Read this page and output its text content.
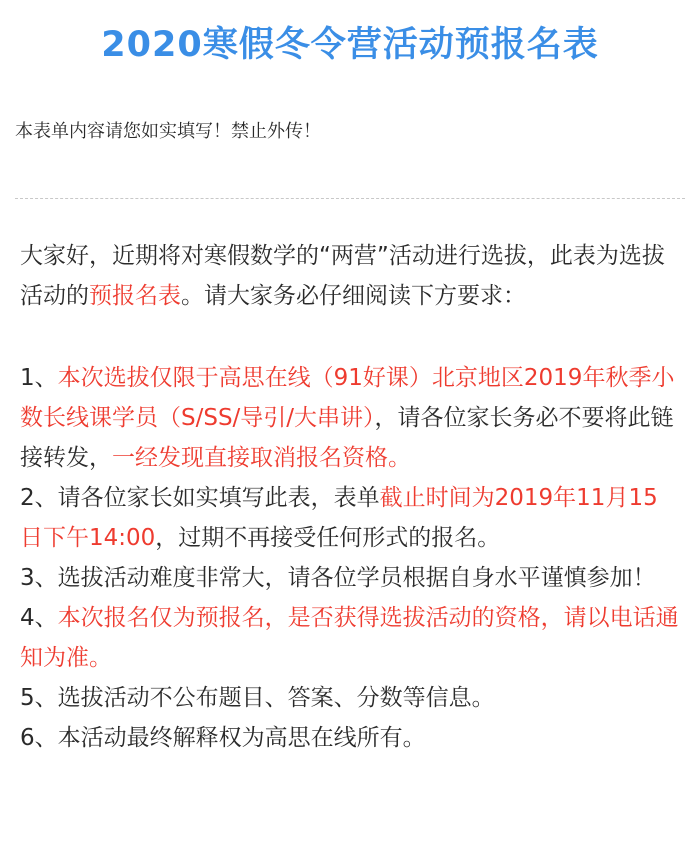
2020寒假冬令营活动预报名表
本表单内容请您如实填写！禁止外传！

大家好，近期将对寒假数学的“两营”活动进行选拔，此表为选拔活动的预报名表。请大家务必仔细阅读下方要求：

1、本次选拔仅限于高思在线（91好课）北京地区2019年秋季小数长线课学员（S/SS/导引/大串讲），请各位家长务必不要将此链接转发，一经发现直接取消报名资格。

2、请各位家长如实填写此表，表单截止时间为2019年11月15日下午14:00，过期不再接受任何形式的报名。

3、选拔活动难度非常大，请各位学员根据自身水平谨慎参加！

4、本次报名仅为预报名，是否获得选拔活动的资格，请以电话通知为准。

5、选拔活动不公布题目、答案、分数等信息。

6、本活动最终解释权为高思在线所有。
